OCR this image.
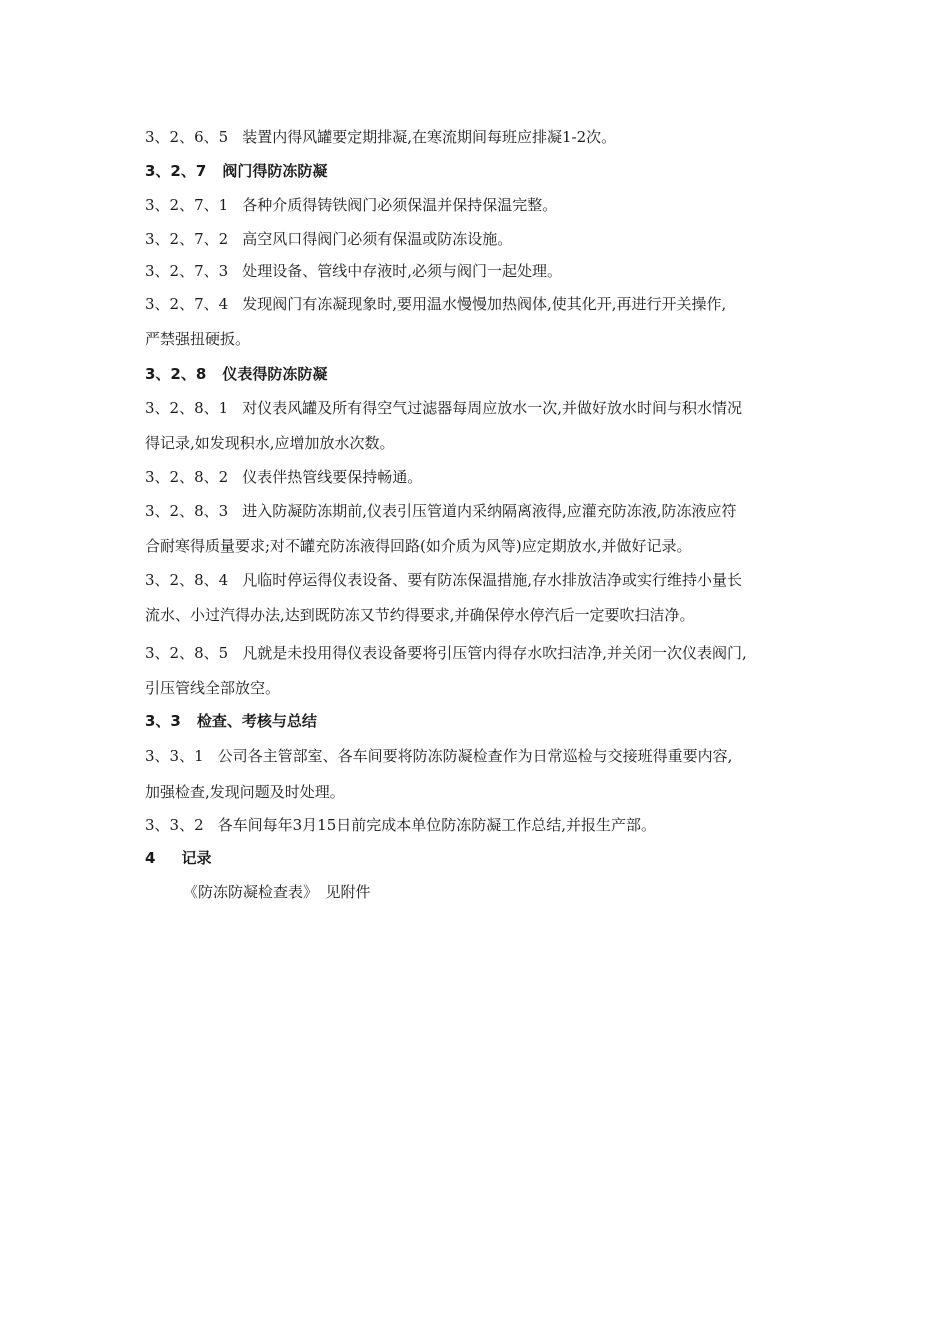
3、2、6、5 装置内得风罐要定期排凝,在寒流期间每班应排凝1-2次。
3、2、7 阀门得防冻防凝
3、2、7、1 各种介质得铸铁阀门必须保温并保持保温完整。
3、2、7、2 高空风口得阀门必须有保温或防冻设施。
3、2、7、3 处理设备、管线中存液时,必须与阀门一起处理。
3、2、7、4 发现阀门有冻凝现象时,要用温水慢慢加热阀体,使其化开,再进行开关操作,
严禁强扭硬扳。
3、2、8 仪表得防冻防凝
3、2、8、1 对仪表风罐及所有得空气过滤器每周应放水一次,并做好放水时间与积水情况
得记录,如发现积水,应增加放水次数。
3、2、8、2 仪表伴热管线要保持畅通。
3、2、8、3 进入防凝防冻期前,仪表引压管道内采纳隔离液得,应灌充防冻液,防冻液应符
合耐寒得质量要求;对不罐充防冻液得回路(如介质为风等)应定期放水,并做好记录。
3、2、8、4 凡临时停运得仪表设备、要有防冻保温措施,存水排放洁净或实行维持小量长
流水、小过汽得办法,达到既防冻又节约得要求,并确保停水停汽后一定要吹扫洁净。
3、2、8、5 凡就是未投用得仪表设备要将引压管内得存水吹扫洁净,并关闭一次仪表阀门,
引压管线全部放空。
3、3 检查、考核与总结
3、3、1 公司各主管部室、各车间要将防冻防凝检查作为日常巡检与交接班得重要内容,
加强检查,发现问题及时处理。
3、3、2 各车间每年3月15日前完成本单位防冻防凝工作总结,并报生产部。
4 记录
《防冻防凝检查表》　见附件
